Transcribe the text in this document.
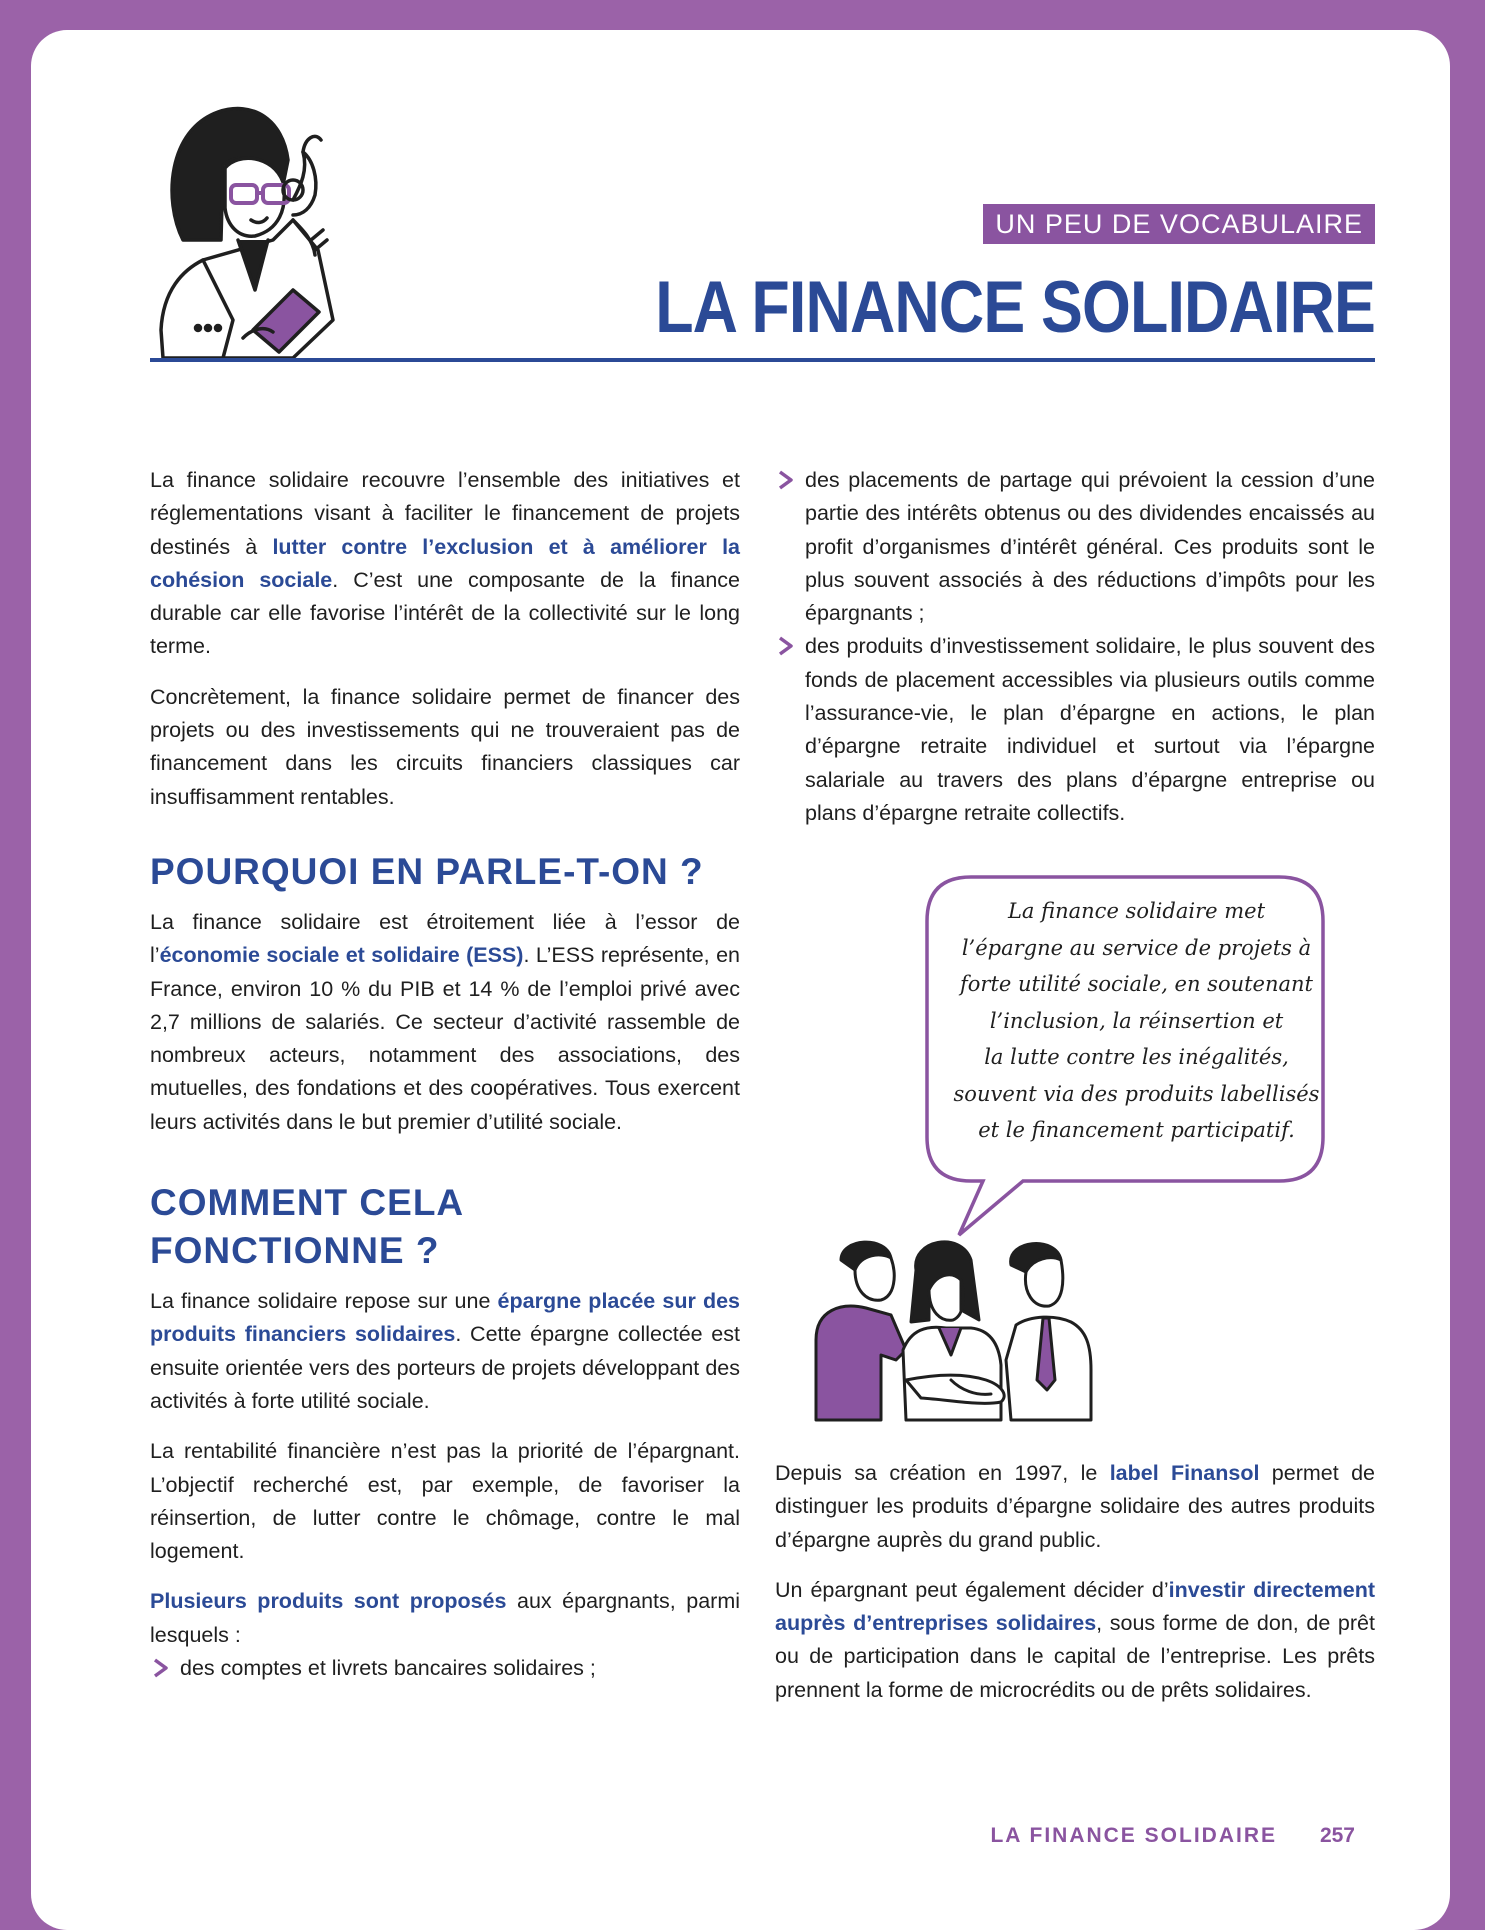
UN PEU DE VOCABULAIRE
LA FINANCE SOLIDAIRE

La finance solidaire recouvre l’ensemble des initiatives et réglementations visant à faciliter le financement de projets destinés à lutter contre l’exclusion et à améliorer la cohésion sociale. C’est une composante de la finance durable car elle favorise l’intérêt de la collectivité sur le long terme.

Concrètement, la finance solidaire permet de financer des projets ou des investissements qui ne trouveraient pas de financement dans les circuits financiers classiques car insuffisamment rentables.

POURQUOI EN PARLE-T-ON ?

La finance solidaire est étroitement liée à l’essor de l’économie sociale et solidaire (ESS). L’ESS représente, en France, environ 10 % du PIB et 14 % de l’emploi privé avec 2,7 millions de salariés. Ce secteur d’activité rassemble de nombreux acteurs, notamment des associations, des mutuelles, des fondations et des coopératives. Tous exercent leurs activités dans le but premier d’utilité sociale.

COMMENT CELA FONCTIONNE ?

La finance solidaire repose sur une épargne placée sur des produits financiers solidaires. Cette épargne collectée est ensuite orientée vers des porteurs de projets développant des activités à forte utilité sociale.

La rentabilité financière n’est pas la priorité de l’épargnant. L’objectif recherché est, par exemple, de favoriser la réinsertion, de lutter contre le chômage, contre le mal logement.

Plusieurs produits sont proposés aux épargnants, parmi lesquels :

des comptes et livrets bancaires solidaires ;
des placements de partage qui prévoient la cession d’une partie des intérêts obtenus ou des dividendes encaissés au profit d’organismes d’intérêt général. Ces produits sont le plus souvent associés à des réductions d’impôts pour les épargnants ;
des produits d’investissement solidaire, le plus souvent des fonds de placement accessibles via plusieurs outils comme l’assurance-vie, le plan d’épargne en actions, le plan d’épargne retraite individuel et surtout via l’épargne salariale au travers des plans d’épargne entreprise ou plans d’épargne retraite collectifs.
La finance solidaire met
l’épargne au service de projets à
forte utilité sociale, en soutenant
l’inclusion, la réinsertion et
la lutte contre les inégalités,
souvent via des produits labellisés
et le financement participatif.

Depuis sa création en 1997, le label Finansol permet de distinguer les produits d’épargne solidaire des autres produits d’épargne auprès du grand public.

Un épargnant peut également décider d’investir directement auprès d’entreprises solidaires, sous forme de don, de prêt ou de participation dans le capital de l’entreprise. Les prêts prennent la forme de microcrédits ou de prêts solidaires.

LA FINANCE SOLIDAIRE 257
